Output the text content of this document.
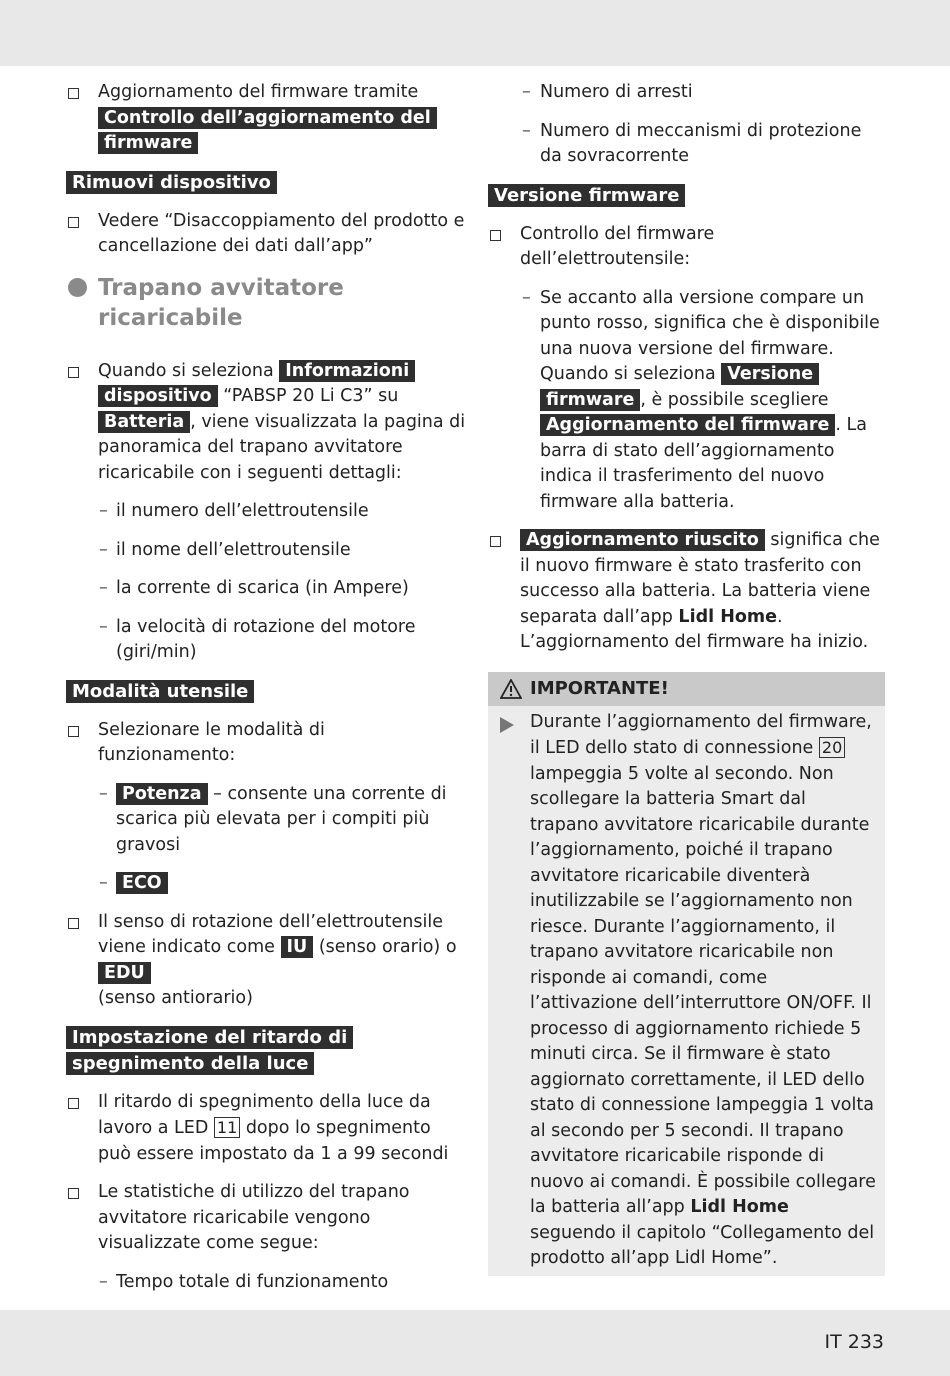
Aggiornamento del firmware tramite
Controllo dell’aggiornamento del firmware

Rimuovi dispositivo

Vedere “Disaccoppiamento del prodotto e cancellazione dei dati dall’app”

Trapano avvitatore ricaricabile

Quando si seleziona Informazioni dispositivo “PABSP 20 Li C3” su Batteria , viene visualizzata la pagina di panoramica del trapano avvitatore ricaricabile con i seguenti dettagli:

– il numero dell’elettroutensile

– il nome dell’elettroutensile

– la corrente di scarica (in Ampere)

– la velocità di rotazione del motore (giri/min)

Modalità utensile

Selezionare le modalità di funzionamento:

– Potenza – consente una corrente di scarica più elevata per i compiti più gravosi

– ECO

Il senso di rotazione dell’elettroutensile viene indicato come IU (senso orario) o EDU
(senso antiorario)

Impostazione del ritardo di spegnimento della luce

Il ritardo di spegnimento della luce da lavoro a LED 11 dopo lo spegnimento può essere impostato da 1 a 99 secondi

Le statistiche di utilizzo del trapano avvitatore ricaricabile vengono visualizzate come segue:

– Tempo totale di funzionamento

– Numero di arresti

– Numero di meccanismi di protezione da sovracorrente

Versione firmware

Controllo del firmware dell’elettroutensile:

– Se accanto alla versione compare un punto rosso, significa che è disponibile una nuova versione del firmware. Quando si seleziona Versione firmware , è possibile scegliere Aggiornamento del firmware . La barra di stato dell’aggiornamento indica il trasferimento del nuovo firmware alla batteria.

Aggiornamento riuscito significa che il nuovo firmware è stato trasferito con successo alla batteria. La batteria viene separata dall’app Lidl Home. L’aggiornamento del firmware ha inizio.

IMPORTANTE!

Durante l’aggiornamento del firmware, il LED dello stato di connessione 20 lampeggia 5 volte al secondo. Non scollegare la batteria Smart dal trapano avvitatore ricaricabile durante l’aggiornamento, poiché il trapano avvitatore ricaricabile diventerà inutilizzabile se l’aggiornamento non riesce. Durante l’aggiornamento, il trapano avvitatore ricaricabile non risponde ai comandi, come l’attivazione dell’interruttore ON/OFF. Il processo di aggiornamento richiede 5 minuti circa. Se il firmware è stato aggiornato correttamente, il LED dello stato di connessione lampeggia 1 volta al secondo per 5 secondi. Il trapano avvitatore ricaricabile risponde di nuovo ai comandi. È possibile collegare la batteria all’app Lidl Home seguendo il capitolo “Collegamento del prodotto all’app Lidl Home”.

IT 233
